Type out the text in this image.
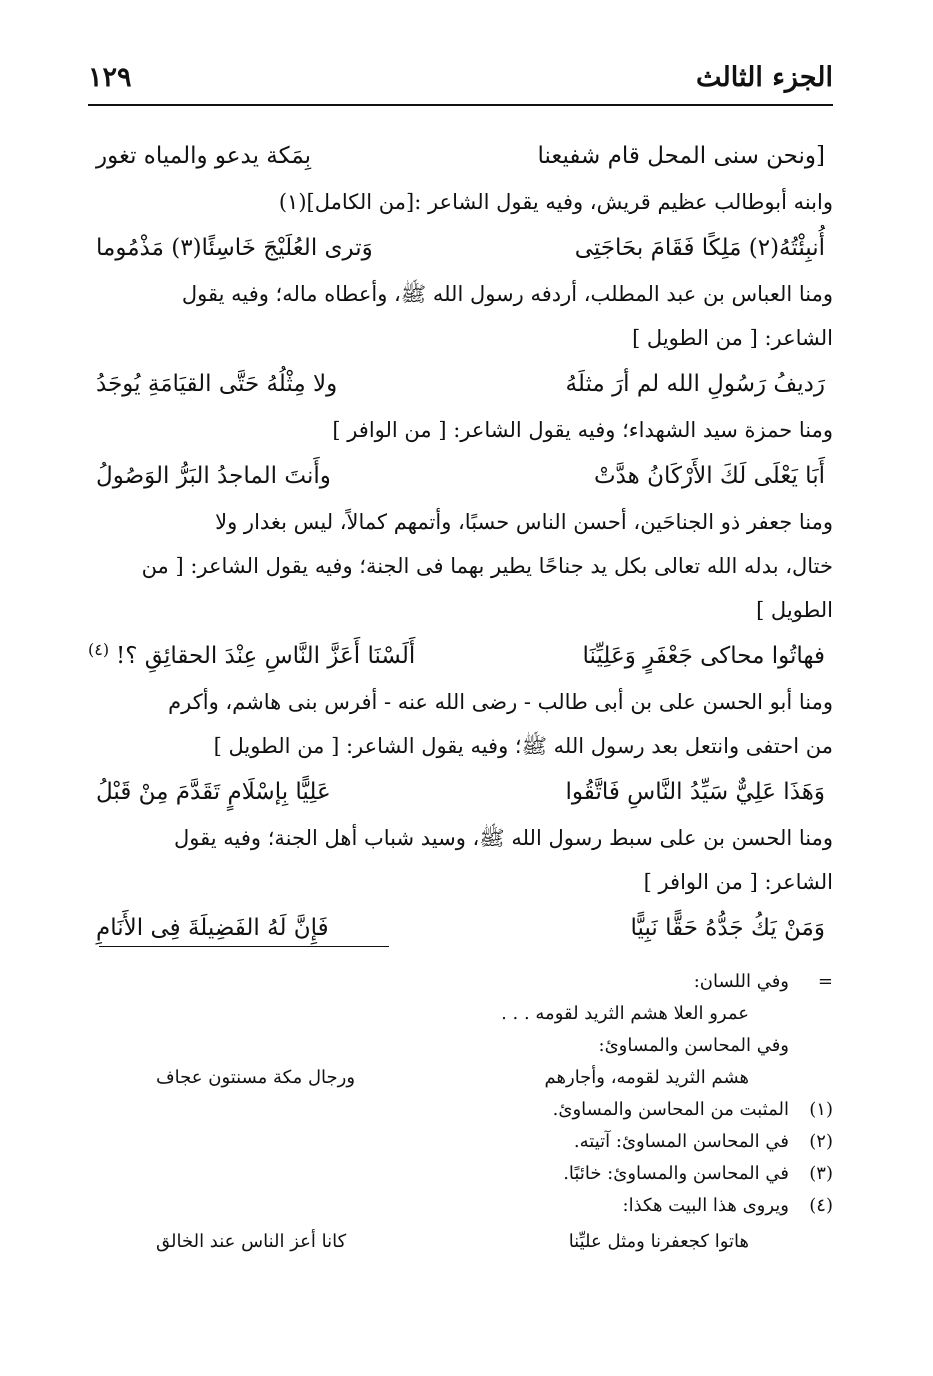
الجزء الثالث
١٢٩
[ونحن سنى المحل قام شفيعنا
بِمَكة يدعو والمياه تغور
وابنه أبوطالب عظيم قريش، وفيه يقول الشاعر :[من الكامل](١)
أُنبِئْتُهُ(٢) مَلِكًا فَقَامَ بحَاجَتِى
وَترى العُلَيْجَ خَاسِئًا(٣) مَذْمُوما
ومنا العباس بن عبد المطلب، أردفه رسول الله ﷺ، وأعطاه ماله؛ وفيه يقول
الشاعر: [ من الطويل ]
رَديفُ رَسُولِ الله لم أرَ مثلَهُ
ولا مِثْلُهُ حَتَّى القيَامَةِ يُوجَدُ
ومنا حمزة سيد الشهداء؛ وفيه يقول الشاعر: [ من الوافر ]
أَبَا يَعْلَى لَكَ الأَرْكَانُ هدَّتْ
وأَنتَ الماجدُ البَرُّ الوَصُولُ
ومنا جعفر ذو الجناحَين، أحسن الناس حسبًا، وأتمهم كمالاً، ليس بغدار ولا
ختال، بدله الله تعالى بكل يد جناحًا يطير بهما فى الجنة؛ وفيه يقول الشاعر: [ من
الطويل ]
فهاتُوا محاكى جَعْفَرٍ وَعَلِيِّنَا
أَلَسْنَا أَعَزَّ النَّاسِ عِنْدَ الحقائِقِ ؟!
(٤)
ومنا أبو الحسن على بن أبى طالب - رضى الله عنه - أفرس بنى هاشم، وأكرم
من احتفى وانتعل بعد رسول الله ﷺ؛ وفيه يقول الشاعر: [ من الطويل ]
وَهَذَا عَلِيٌّ سَيِّدُ النَّاسِ فَاتَّقُوا
عَلِيًّا بِإسْلَامٍ تَقَدَّمَ مِنْ قَبْلُ
ومنا الحسن بن على سبط رسول الله ﷺ، وسيد شباب أهل الجنة؛ وفيه يقول
الشاعر: [ من الوافر ]
وَمَنْ يَكُ جَدُّهُ حَقًّا نَبِيًّا
فَإِنَّ لَهُ الفَضِيلَةَ فِى الأَنَامِ
=
وفي اللسان:
عمرو العلا هشم الثريد لقومه . . .
وفي المحاسن والمساوئ:
هشم الثريد لقومه، وأجارهم
ورجال مكة مسنتون عجاف
(١)
المثبت من المحاسن والمساوئ.
(٢)
في المحاسن المساوئ: آتيته.
(٣)
في المحاسن والمساوئ: خائبًا.
(٤)
ويروى هذا البيت هكذا:
هاتوا كجعفرنا ومثل عليِّنا
كانا أعز الناس عند الخالق
